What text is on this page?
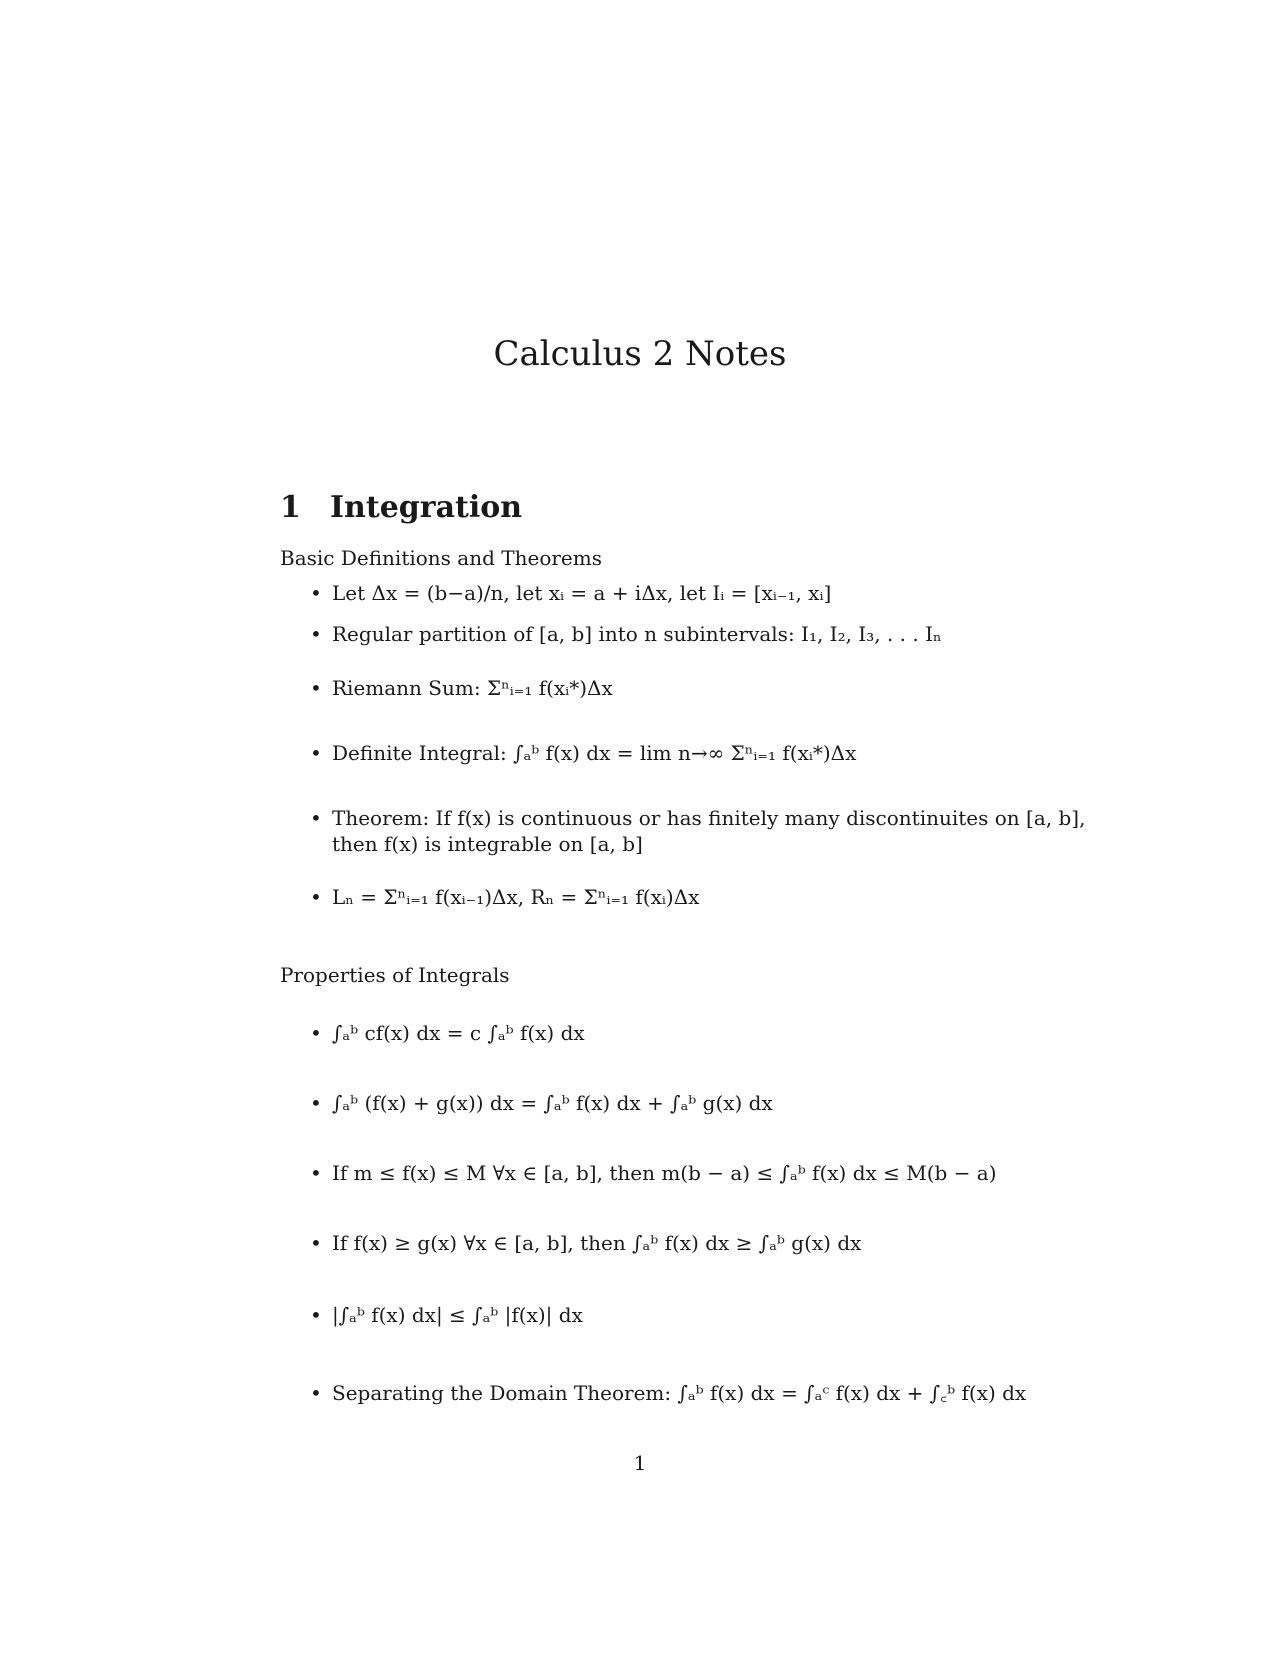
Calculus 2 Notes
1 Integration
Basic Definitions and Theorems
• Let Δx = (b−a)/n, let xᵢ = a + iΔx, let Iᵢ = [xᵢ₋₁, xᵢ]
• Regular partition of [a, b] into n subintervals: I₁, I₂, I₃, . . . Iₙ
• Riemann Sum: Σⁿᵢ₌₁ f(xᵢ*)Δx
• Definite Integral: ∫ₐᵇ f(x) dx = lim n→∞ Σⁿᵢ₌₁ f(xᵢ*)Δx
• Theorem: If f(x) is continuous or has finitely many discontinuites on [a, b],
then f(x) is integrable on [a, b]
• Lₙ = Σⁿᵢ₌₁ f(xᵢ₋₁)Δx, Rₙ = Σⁿᵢ₌₁ f(xᵢ)Δx
Properties of Integrals
• ∫ₐᵇ cf(x) dx = c ∫ₐᵇ f(x) dx
• ∫ₐᵇ (f(x) + g(x)) dx = ∫ₐᵇ f(x) dx + ∫ₐᵇ g(x) dx
• If m ≤ f(x) ≤ M ∀x ∈ [a, b], then m(b − a) ≤ ∫ₐᵇ f(x) dx ≤ M(b − a)
• If f(x) ≥ g(x) ∀x ∈ [a, b], then ∫ₐᵇ f(x) dx ≥ ∫ₐᵇ g(x) dx
• |∫ₐᵇ f(x) dx| ≤ ∫ₐᵇ |f(x)| dx
• Separating the Domain Theorem: ∫ₐᵇ f(x) dx = ∫ₐᶜ f(x) dx + ∫꜀ᵇ f(x) dx
1
